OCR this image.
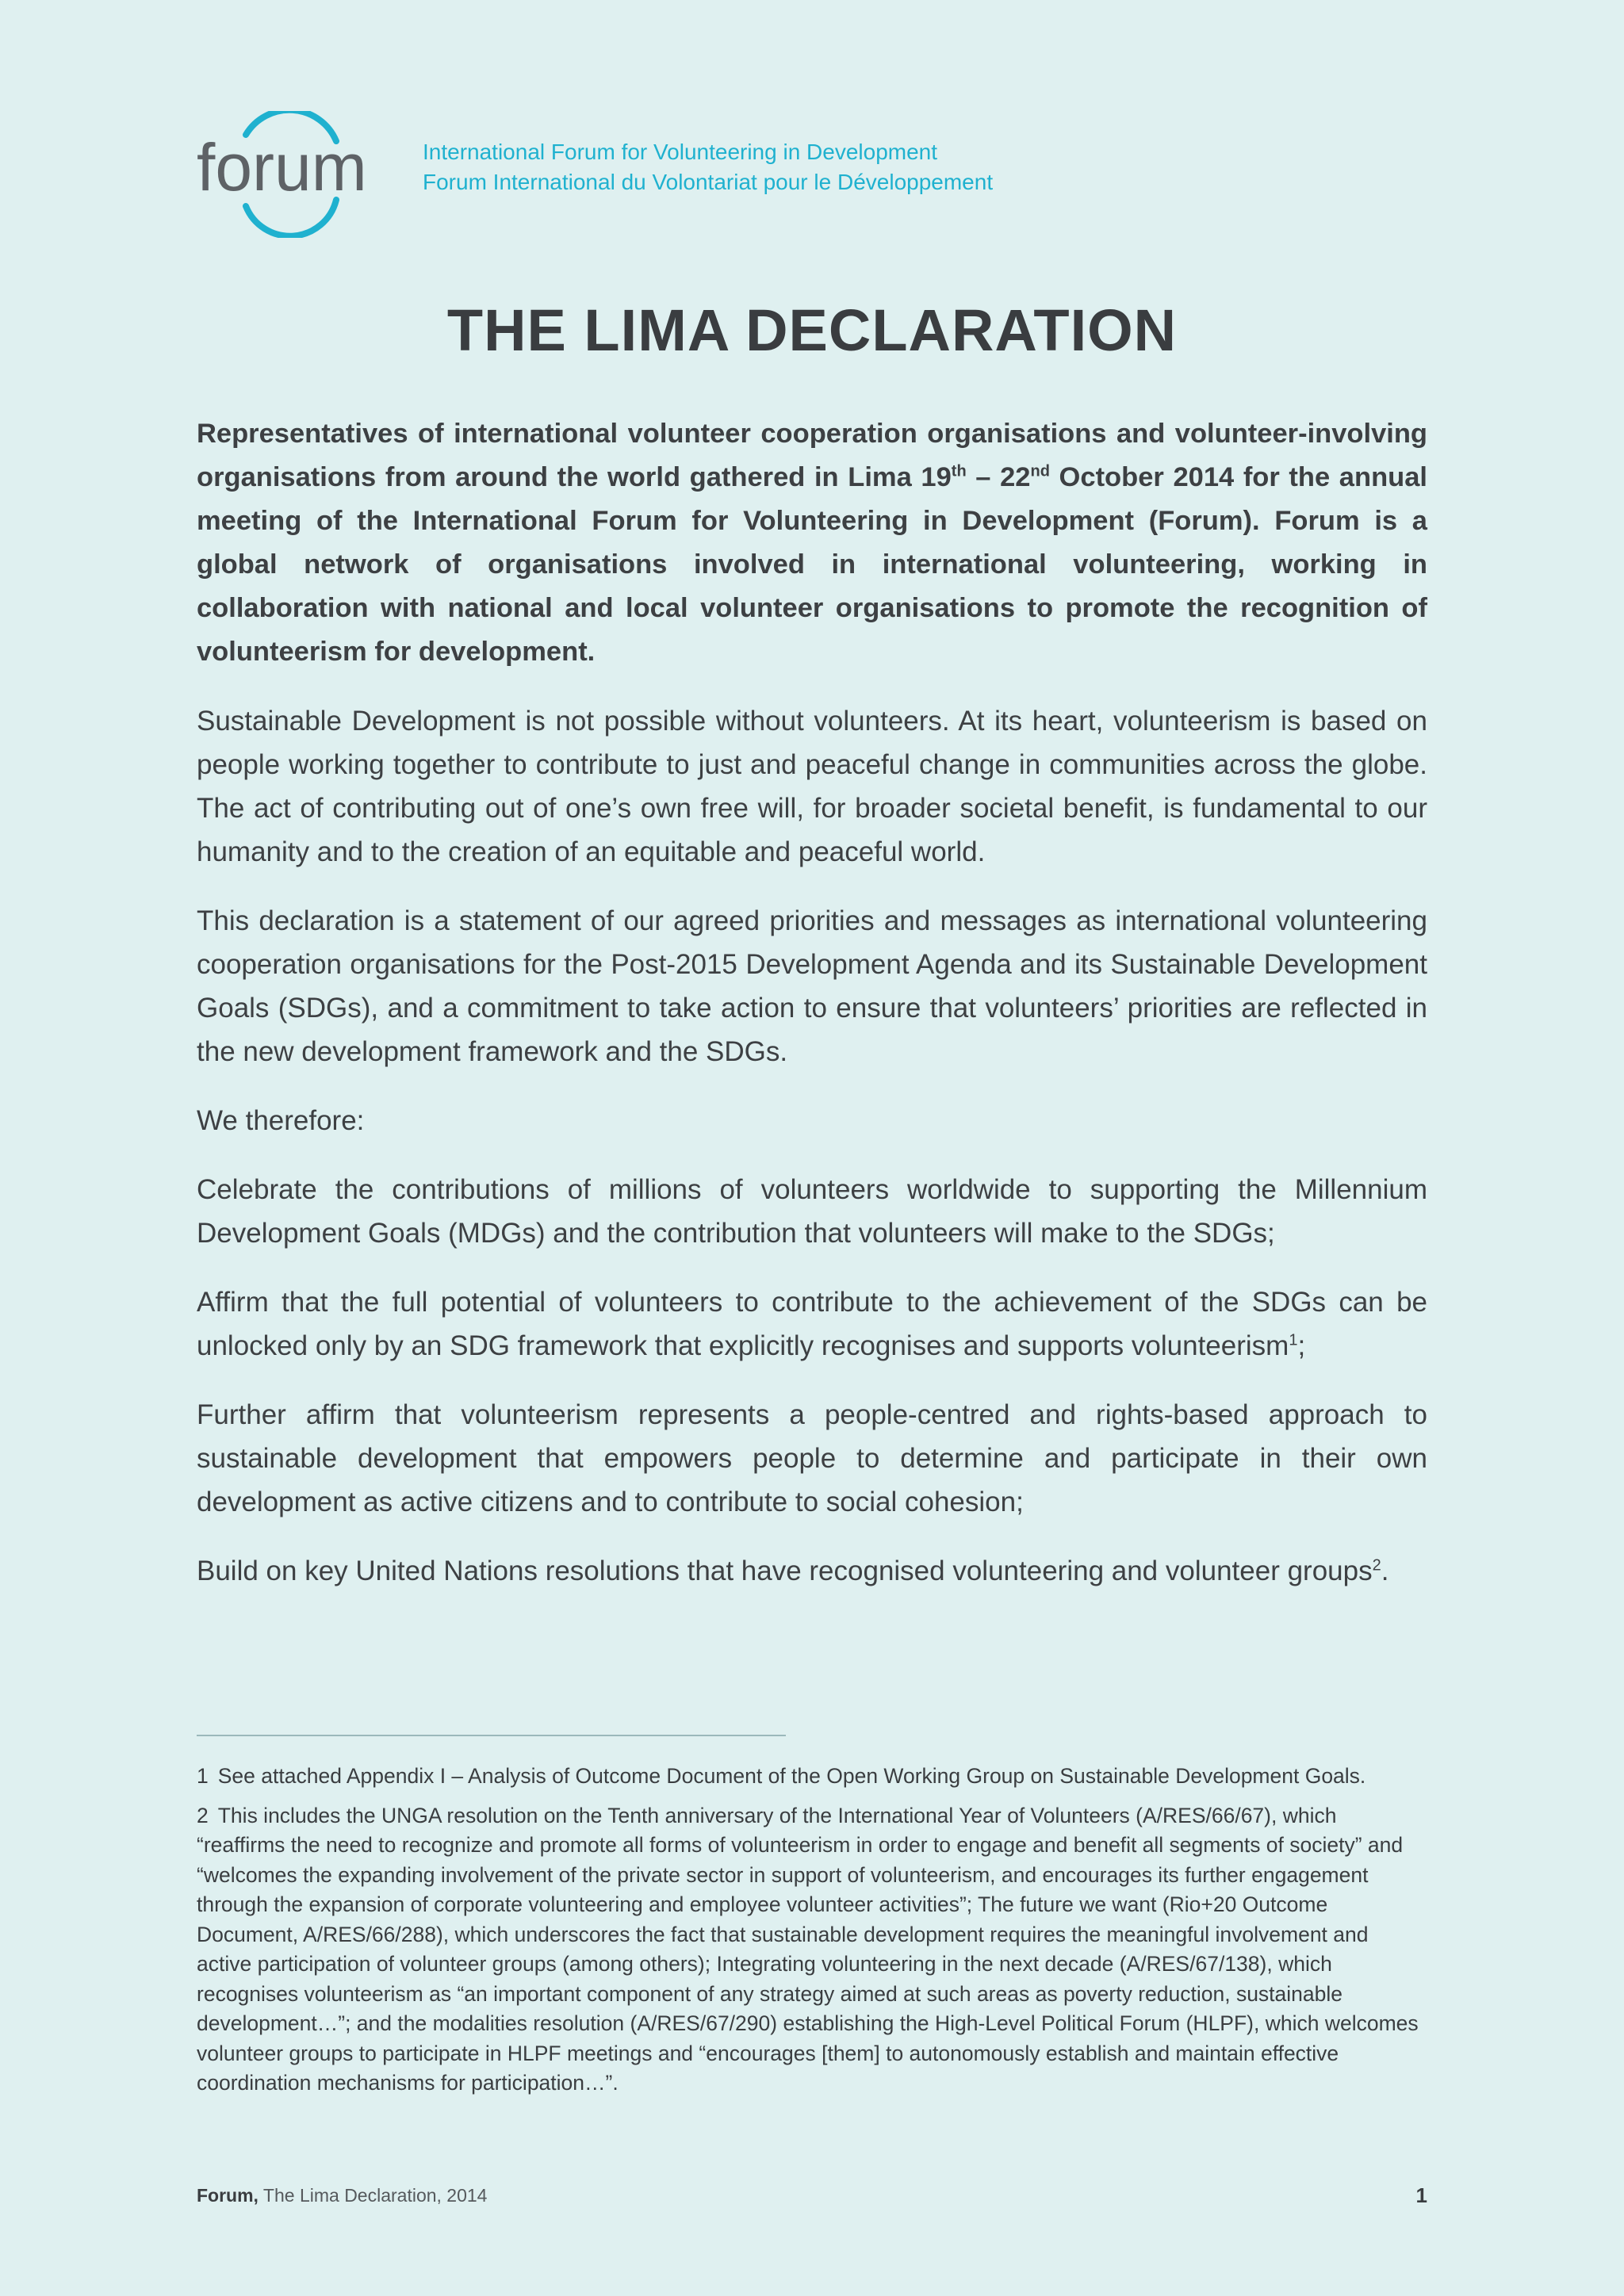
forum	International Forum for Volunteering in Development
Forum International du Volontariat pour le Développement
THE LIMA DECLARATION

Representatives of international volunteer cooperation organisations and volunteer-involving organisations from around the world gathered in Lima 19th – 22nd October 2014 for the annual meeting of the International Forum for Volunteering in Development (Forum). Forum is a global network of organisations involved in international volunteering, working in collaboration with national and local volunteer organisations to promote the recognition of volunteerism for development.

Sustainable Development is not possible without volunteers. At its heart, volunteerism is based on people working together to contribute to just and peaceful change in communities across the globe. The act of contributing out of one’s own free will, for broader societal benefit, is fundamental to our humanity and to the creation of an equitable and peaceful world.

This declaration is a statement of our agreed priorities and messages as international volunteering cooperation organisations for the Post-2015 Development Agenda and its Sustainable Development Goals (SDGs), and a commitment to take action to ensure that volunteers’ priorities are reflected in the new development framework and the SDGs.

We therefore:

Celebrate the contributions of millions of volunteers worldwide to supporting the Millennium Development Goals (MDGs) and the contribution that volunteers will make to the SDGs;

Affirm that the full potential of volunteers to contribute to the achievement of the SDGs can be unlocked only by an SDG framework that explicitly recognises and supports volunteerism$^1$;

Further affirm that volunteerism represents a people-centred and rights-based approach to sustainable development that empowers people to determine and participate in their own development as active citizens and to contribute to social cohesion;

Build on key United Nations resolutions that have recognised volunteering and volunteer groups$^2$.

1 See attached Appendix I – Analysis of Outcome Document of the Open Working Group on Sustainable Development Goals.

2 This includes the UNGA resolution on the Tenth anniversary of the International Year of Volunteers (A/RES/66/67), which “reaffirms the need to recognize and promote all forms of volunteerism in order to engage and benefit all segments of society” and “welcomes the expanding involvement of the private sector in support of volunteerism, and encourages its further engagement through the expansion of corporate volunteering and employee volunteer activities”; The future we want (Rio+20 Outcome Document, A/RES/66/288), which underscores the fact that sustainable development requires the meaningful involvement and active participation of volunteer groups (among others); Integrating volunteering in the next decade (A/RES/67/138), which recognises volunteerism as “an important component of any strategy aimed at such areas as poverty reduction, sustainable development…”; and the modalities resolution (A/RES/67/290) establishing the High-Level Political Forum (HLPF), which welcomes volunteer groups to participate in HLPF meetings and “encourages [them] to autonomously establish and maintain effective coordination mechanisms for participation…”.

Forum, The Lima Declaration, 2014	1
